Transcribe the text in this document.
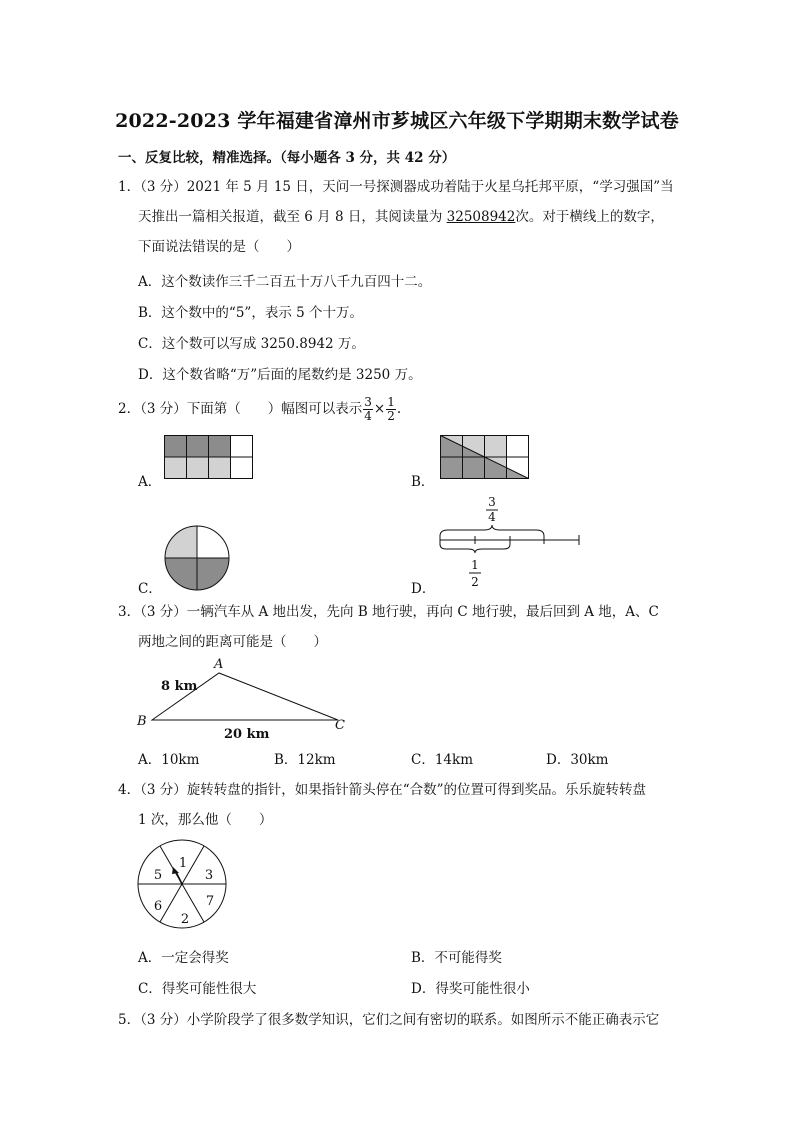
2022-2023 学年福建省漳州市芗城区六年级下学期期末数学试卷
一、反复比较，精准选择。（每小题各 3 分，共 42 分）
1．（3 分）2021 年 5 月 15 日，天问一号探测器成功着陆于火星乌托邦平原，“学习强国”当
天推出一篇相关报道，截至 6 月 8 日，其阅读量为 32508942次。对于横线上的数字，
下面说法错误的是（　　）
A．这个数读作三千二百五十万八千九百四十二。
B．这个数中的“5”，表示 5 个十万。
C．这个数可以写成 3250.8942 万。
D．这个数省略“万”后面的尾数约是 3250 万。
2．（3 分）下面第（　　）幅图可以表示 $\frac{3}{4} \times \frac{1}{2}$ .
A．	B．
C．	D．
3
4
1
2
3．（3 分）一辆汽车从 A 地出发，先向 B 地行驶，再向 C 地行驶，最后回到 A 地，A、C
两地之间的距离可能是（　　）
A
B	C
8 km
20 km
A．10km	B．12km	C．14km	D．30km
4．（3 分）旋转转盘的指针，如果指针箭头停在“合数”的位置可得到奖品。乐乐旋转转盘
1 次，那么他（　　）
1
3
7
2
6
5
A．一定会得奖	B．不可能得奖
C．得奖可能性很大	D．得奖可能性很小
5．（3 分）小学阶段学了很多数学知识，它们之间有密切的联系。如图所示不能正确表示它
